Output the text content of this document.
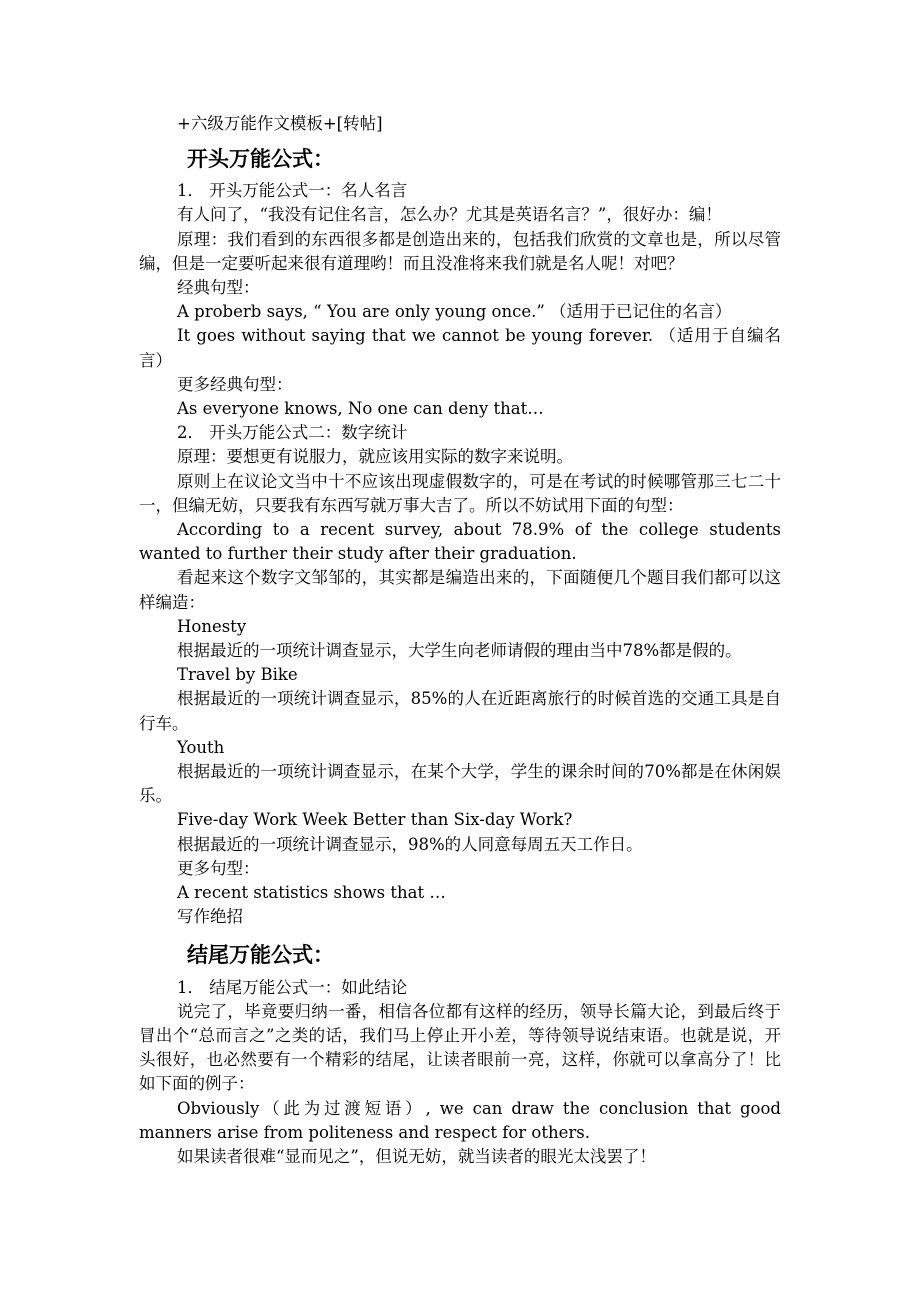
+六级万能作文模板+[转帖]

开头万能公式：

1． 开头万能公式一：名人名言

有人问了，“我没有记住名言，怎么办？尤其是英语名言？”，很好办：编！

原理：我们看到的东西很多都是创造出来的，包括我们欣赏的文章也是，所以尽管编，但是一定要听起来很有道理哟！而且没准将来我们就是名人呢！对吧？

经典句型：

A proberb says, “ You are only young once.” （适用于已记住的名言）

It goes without saying that we cannot be young forever. （适用于自编名言）

更多经典句型：

As everyone knows, No one can deny that…

2． 开头万能公式二：数字统计

原理：要想更有说服力，就应该用实际的数字来说明。

原则上在议论文当中十不应该出现虚假数字的，可是在考试的时候哪管那三七二十一，但编无妨，只要我有东西写就万事大吉了。所以不妨试用下面的句型：

According to a recent survey, about 78.9% of the college students wanted to further their study after their graduation.

看起来这个数字文邹邹的，其实都是编造出来的，下面随便几个题目我们都可以这样编造：

Honesty

根据最近的一项统计调查显示，大学生向老师请假的理由当中78%都是假的。

Travel by Bike

根据最近的一项统计调查显示，85%的人在近距离旅行的时候首选的交通工具是自行车。

Youth

根据最近的一项统计调查显示，在某个大学，学生的课余时间的70%都是在休闲娱乐。

Five-day Work Week Better than Six-day Work?

根据最近的一项统计调查显示，98%的人同意每周五天工作日。

更多句型：

A recent statistics shows that …

写作绝招

结尾万能公式：

1． 结尾万能公式一：如此结论

说完了，毕竟要归纳一番，相信各位都有这样的经历，领导长篇大论，到最后终于冒出个“总而言之”之类的话，我们马上停止开小差，等待领导说结束语。也就是说，开头很好，也必然要有一个精彩的结尾，让读者眼前一亮，这样，你就可以拿高分了！比如下面的例子：

Obviously（此为过渡短语）, we can draw the conclusion that good manners arise from politeness and respect for others.

如果读者很难“显而见之”，但说无妨，就当读者的眼光太浅罢了！
